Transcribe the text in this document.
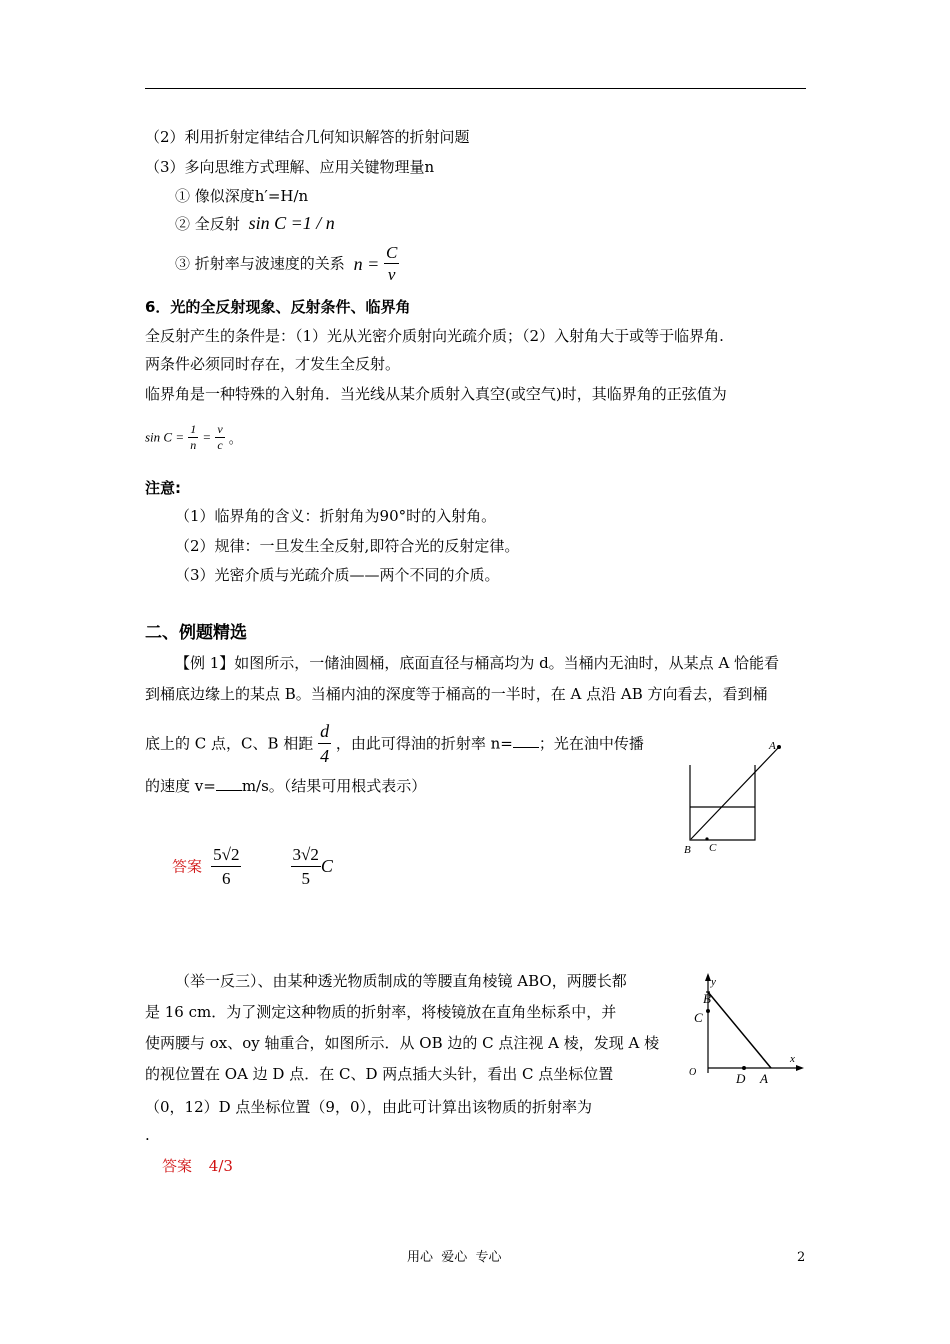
（2）利用折射定律结合几何知识解答的折射问题
（3）多向思维方式理解、应用关键物理量n
① 像似深度h′=H/n
② 全反射 sin C =1 / n
③ 折射率与波速度的关系 $n = \frac{C}{v}$
6．光的全反射现象、反射条件、临界角
全反射产生的条件是：（1）光从光密介质射向光疏介质；（2）入射角大于或等于临界角.
两条件必须同时存在，才发生全反射。
临界角是一种特殊的入射角．当光线从某介质射入真空(或空气)时，其临界角的正弦值为
$\sin C = \frac{1}{n} = \frac{v}{c}$ 。
注意:
（1）临界角的含义：折射角为90°时的入射角。
（2）规律：一旦发生全反射,即符合光的反射定律。
（3）光密介质与光疏介质——两个不同的介质。
二、例题精选
【例 1】如图所示，一储油圆桶，底面直径与桶高均为 d。当桶内无油时，从某点 A 恰能看
到桶底边缘上的某点 B。当桶内油的深度等于桶高的一半时，在 A 点沿 AB 方向看去，看到桶
底上的 C 点，C、B 相距 $\frac{d}{4}$ ，由此可得油的折射率 n= ；光在油中传播
的速度 v= m/s。（结果可用根式表示）
A
B C
答案 $\frac{5√2}{6}$
	$\frac{3√2}{5}$ C
（举一反三）、由某种透光物质制成的等腰直角棱镜 ABO，两腰长都
是 16 cm．为了测定这种物质的折射率，将棱镜放在直角坐标系中，并
使两腰与 ox、oy 轴重合，如图所示．从 OB 边的 C 点注视 A 棱，发现 A 棱
的视位置在 OA 边 D 点．在 C、D 两点插大头针，看出 C 点坐标位置
（0，12）D 点坐标位置（9，0），由此可计算出该物质的折射率为
.
答案 4/3
y
x
B
C
O	D A
用心  爱心  专心	2
